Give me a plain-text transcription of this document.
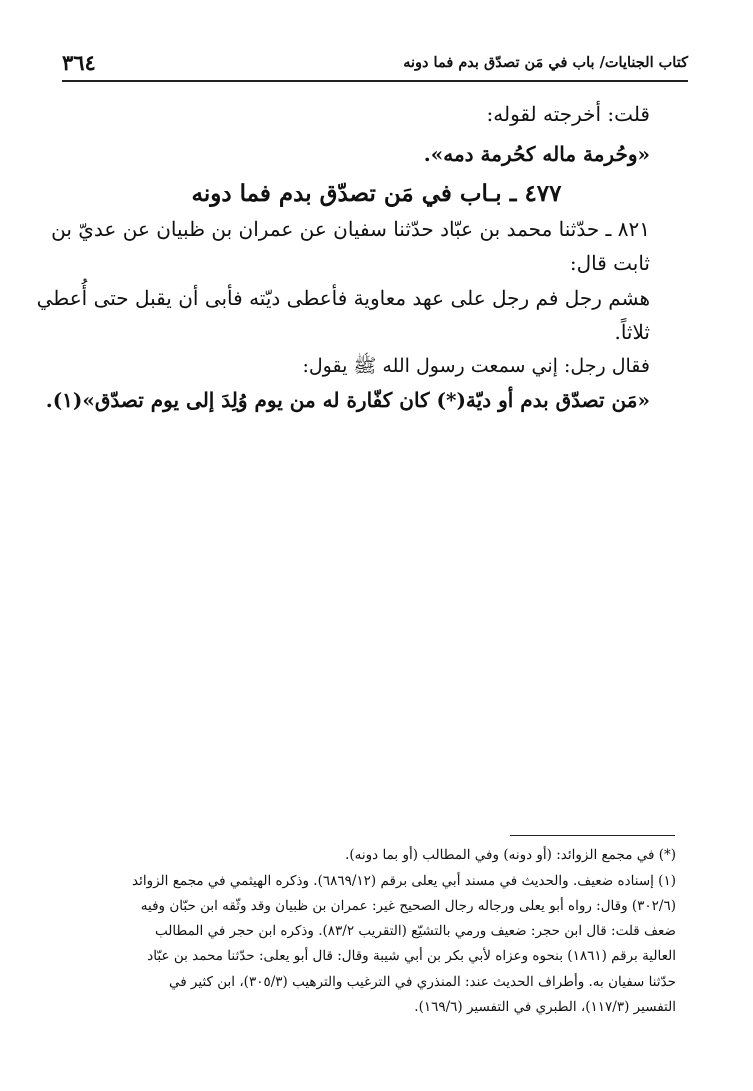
٣٦٤	كتاب الجنايات/ باب في مَن تصدّق بدم فما دونه
قلت: أخرجته لقوله:
«وحُرمة ماله كحُرمة دمه».
٤٧٧ ـ بـاب في مَن تصدّق بدم فما دونه
٨٢١ ـ حدّثنا محمد بن عبّاد حدّثنا سفيان عن عمران بن ظبيان عن عديّ بن
ثابت قال:
هشم رجل فم رجل على عهد معاوية فأعطى ديّته فأبى أن يقبل حتى أُعطي
ثلاثاً.
فقال رجل: إني سمعت رسول الله ﷺ يقول:
«مَن تصدّق بدم أو ديّة(*) كان كفّارة له من يوم وُلِدَ إلى يوم تصدّق»(١).
(*) في مجمع الزوائد: (أو دونه) وفي المطالب (أو بما دونه).
(١) إسناده ضعيف. والحديث في مسند أبي يعلى برقم (٦٨٦٩/١٢). وذكره الهيثمي في مجمع الزوائد
(٣٠٢/٦) وقال: رواه أبو يعلى ورجاله رجال الصحيح غير: عمران بن ظبيان وقد وثّقه ابن حبّان وفيه
ضعف قلت: قال ابن حجر: ضعيف ورمي بالتشيّع (التقريب ٨٣/٢). وذكره ابن حجر في المطالب
العالية برقم (١٨٦١) بنحوه وعزاه لأبي بكر بن أبي شيبة وقال: قال أبو يعلى: حدّثنا محمد بن عبّاد
حدّثنا سفيان به. وأطراف الحديث عند: المنذري في الترغيب والترهيب (٣٠٥/٣)، ابن كثير في
التفسير (١١٧/٣)، الطبري في التفسير (١٦٩/٦).
